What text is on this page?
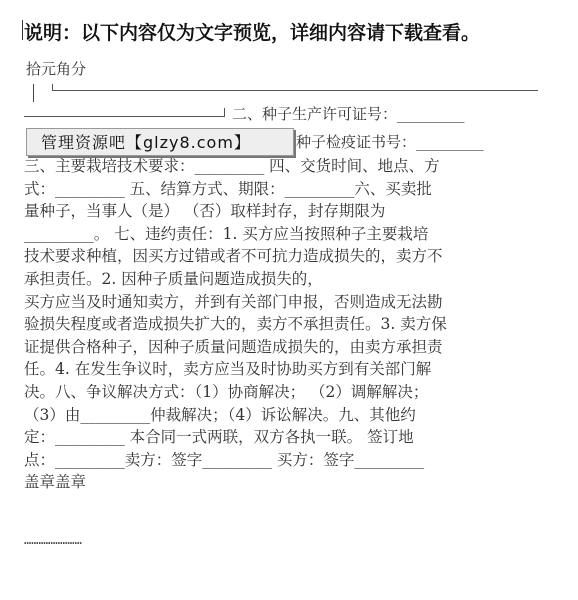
说明：以下内容仅为文字预览，详细内容请下载查看。
拾元角分
二、种子生产许可证号：_________
种子检疫证书号：_________
管理资源吧【glzy8.com】

三、主要栽培技术要求：_________ 四、交货时间、地点、方

式：_________ 五、结算方式、期限：_________六、买卖批

量种子，当事人（是） （否）取样封存，封存期限为

_________。 七、违约责任：1. 买方应当按照种子主要栽培

技术要求种植，因买方过错或者不可抗力造成损失的，卖方不

承担责任。2. 因种子质量问题造成损失的，

买方应当及时通知卖方，并到有关部门申报，否则造成无法勘

验损失程度或者造成损失扩大的，卖方不承担责任。3. 卖方保

证提供合格种子，因种子质量问题造成损失的，由卖方承担责

任。4. 在发生争议时，卖方应当及时协助买方到有关部门解

决。八、争议解决方式：（1）协商解决； （2）调解解决；

（3）由_________仲裁解决；（4）诉讼解决。九、其他约

定：_________ 本合同一式两联，双方各执一联。 签订地

点：_________卖方：签字_________ 买方：签字_________

盖章盖章

……………………
